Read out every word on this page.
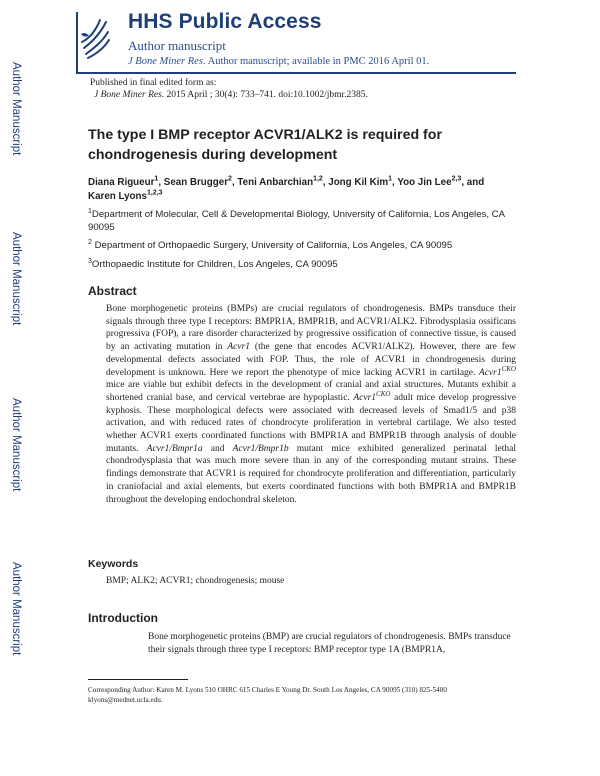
HHS Public Access
Author manuscript
J Bone Miner Res. Author manuscript; available in PMC 2016 April 01.
Author Manuscript
Author Manuscript
Author Manuscript
Author Manuscript
Published in final edited form as:
J Bone Miner Res. 2015 April ; 30(4): 733–741. doi:10.1002/jbmr.2385.
The type I BMP receptor ACVR1/ALK2 is required for chondrogenesis during development
Diana Rigueur$^1$, Sean Brugger$^2$, Teni Anbarchian$^{1,2}$, Jong Kil Kim$^1$, Yoo Jin Lee$^{2,3}$, and
Karen Lyons$^{1,2,3}$
$^1$Department of Molecular, Cell & Developmental Biology, University of California, Los Angeles, CA 90095
$^2$ Department of Orthopaedic Surgery, University of California, Los Angeles, CA 90095
$^3$Orthopaedic Institute for Children, Los Angeles, CA 90095
Abstract
Bone morphogenetic proteins (BMPs) are crucial regulators of chondrogenesis. BMPs transduce their signals through three type I receptors: BMPR1A, BMPR1B, and ACVR1/ALK2. Fibrodysplasia ossificans progressiva (FOP), a rare disorder characterized by progressive ossification of connective tissue, is caused by an activating mutation in Acvr1 (the gene that encodes ACVR1/ALK2). However, there are few developmental defects associated with FOP. Thus, the role of ACVR1 in chondrogenesis during development is unknown. Here we report the phenotype of mice lacking ACVR1 in cartilage. $Acvr1^{CKO}$ mice are viable but exhibit defects in the development of cranial and axial structures. Mutants exhibit a shortened cranial base, and cervical vertebrae are hypoplastic. $Acvr1^{CKO}$ adult mice develop progressive kyphosis. These morphological defects were associated with decreased levels of Smad1/5 and p38 activation, and with reduced rates of chondrocyte proliferation in vertebral cartilage. We also tested whether ACVR1 exerts coordinated functions with BMPR1A and BMPR1B through analysis of double mutants. Acvr1/Bmpr1a and Acvr1/Bmpr1b mutant mice exhibited generalized perinatal lethal chondrodysplasia that was much more severe than in any of the corresponding mutant strains. These findings demonstrate that ACVR1 is required for chondrocyte proliferation and differentiation, particularly in craniofacial and axial elements, but exerts coordinated functions with both BMPR1A and BMPR1B throughout the developing endochondral skeleton.
Keywords
BMP; ALK2; ACVR1; chondrogenesis; mouse
Introduction
Bone morphogenetic proteins (BMP) are crucial regulators of chondrogenesis. BMPs transduce their signals through three type I receptors: BMP receptor type 1A (BMPR1A,
Corresponding Author: Karen M. Lyons 510 OHRC 615 Charles E Young Dr. South Los Angeles, CA 90095 (310) 825-5480
klyons@mednet.ucla.edu.
